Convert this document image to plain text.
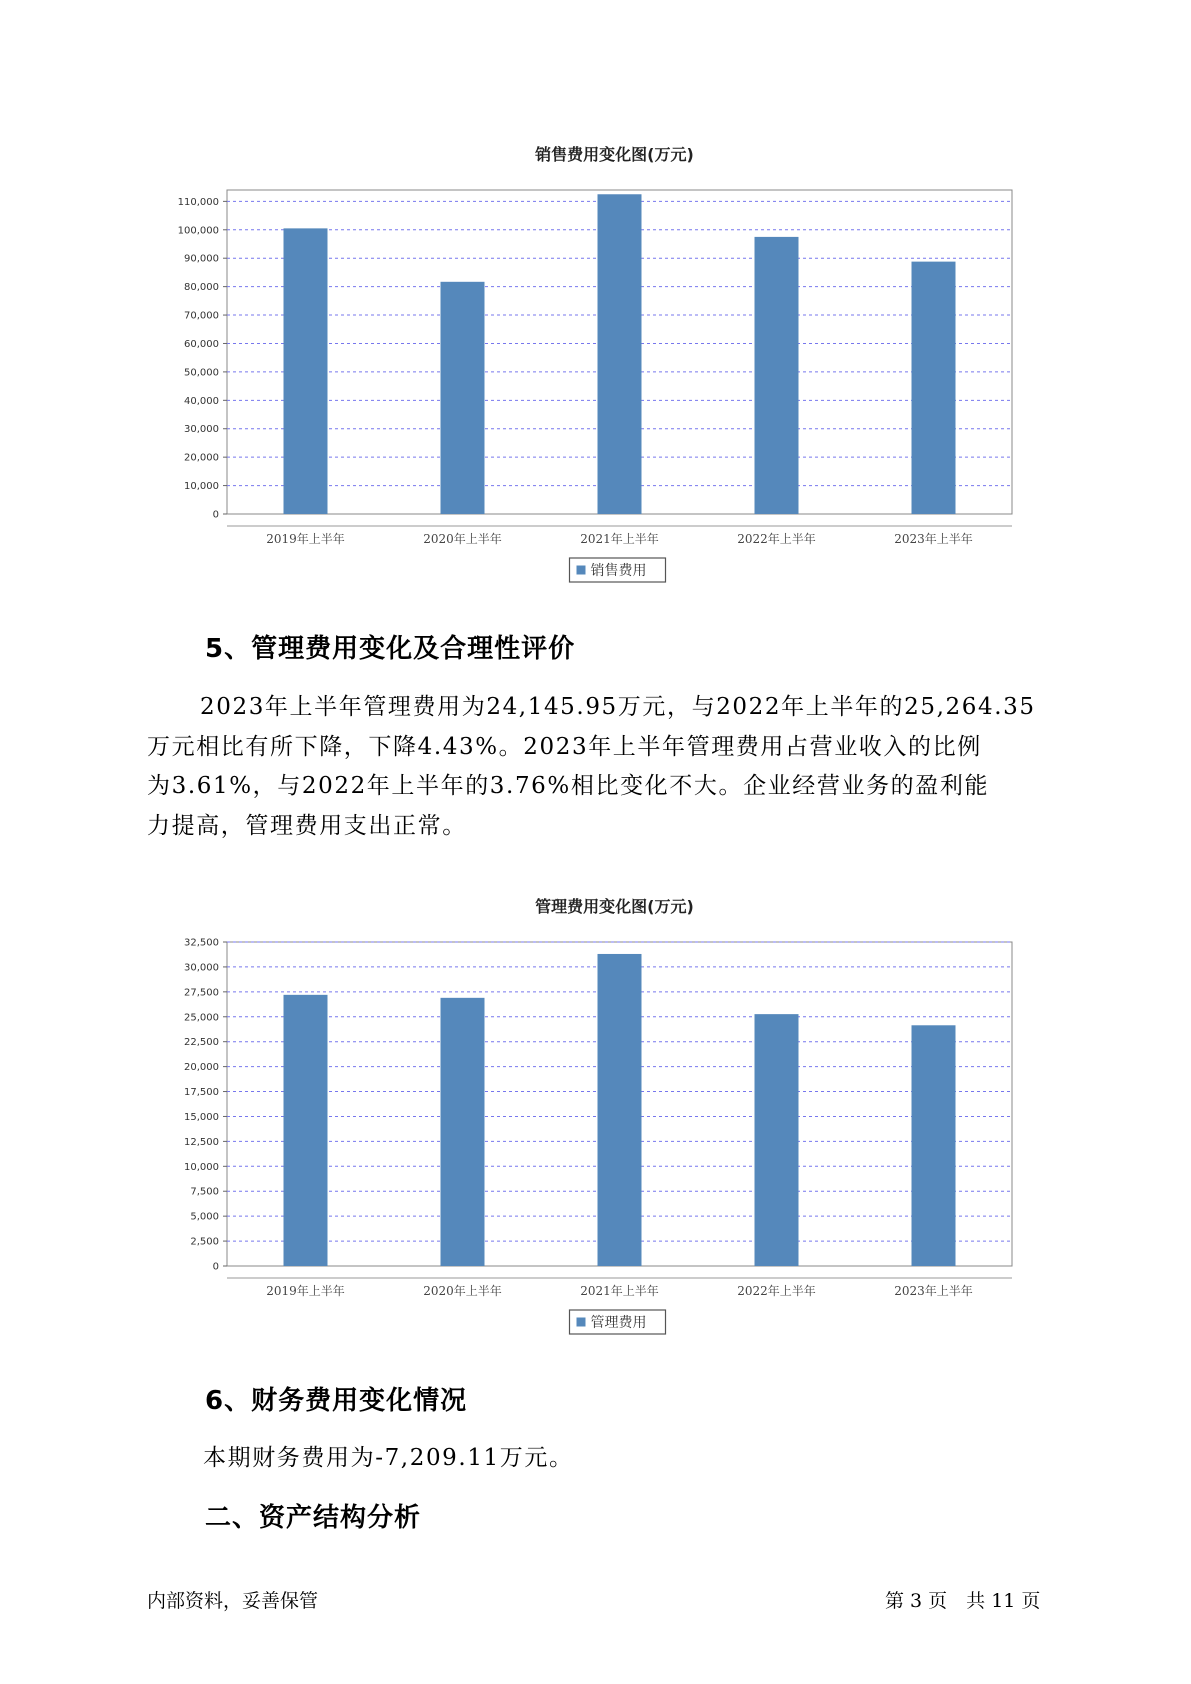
销售费用变化图(万元)
0
10,000
20,000
30,000
40,000
50,000
60,000
70,000
80,000
90,000
100,000
110,000
2019年上半年	2020年上半年	2021年上半年	2022年上半年	2023年上半年
销售费用
5、管理费用变化及合理性评价
2023年上半年管理费用为24,145.95万元，与2022年上半年的25,264.35
万元相比有所下降，下降4.43%。2023年上半年管理费用占营业收入的比例
为3.61%，与2022年上半年的3.76%相比变化不大。企业经营业务的盈利能
力提高，管理费用支出正常。
管理费用变化图(万元)
0
2,500
5,000
7,500
10,000
12,500
15,000
17,500
20,000
22,500
25,000
27,500
30,000
32,500
2019年上半年	2020年上半年	2021年上半年	2022年上半年	2023年上半年
管理费用
6、财务费用变化情况
本期财务费用为-7,209.11万元。
二、资产结构分析
内部资料，妥善保管	第 3 页　共 11 页
